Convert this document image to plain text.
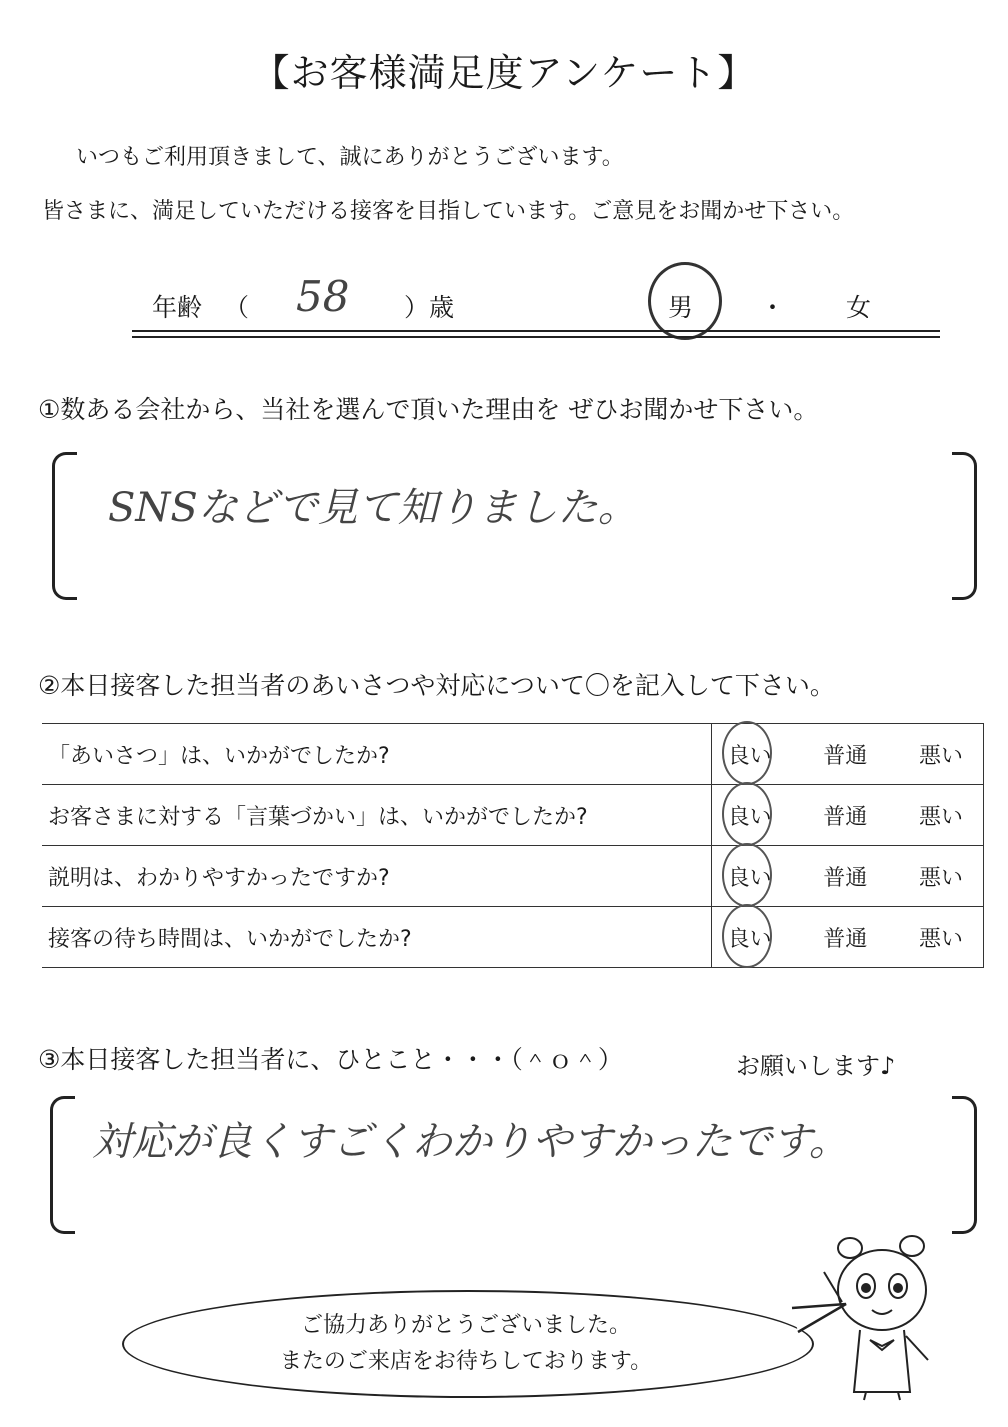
【お客様満足度アンケート】
いつもご利用頂きまして、誠にありがとうございます。
皆さまに、満足していただける接客を目指しています。ご意見をお聞かせ下さい。
年齢 （ 58 ）歳	男	・ 女
①数ある会社から、当社を選んで頂いた理由を ぜひお聞かせ下さい。
SNSなどで見て知りました。
②本日接客した担当者のあいさつや対応について〇を記入して下さい。
「あいさつ」は、いかがでしたか?	良い 普通 悪い

お客さまに対する「言葉づかい」は、いかがでしたか?	良い 普通 悪い

説明は、わかりやすかったですか?	良い 普通 悪い

接客の待ち時間は、いかがでしたか?	良い 普通 悪い
③本日接客した担当者に、ひとこと・・・（＾ｏ＾）	お願いします♪
対応が良くすごくわかりやすかったです。
ご協力ありがとうございました。
またのご来店をお待ちしております。
